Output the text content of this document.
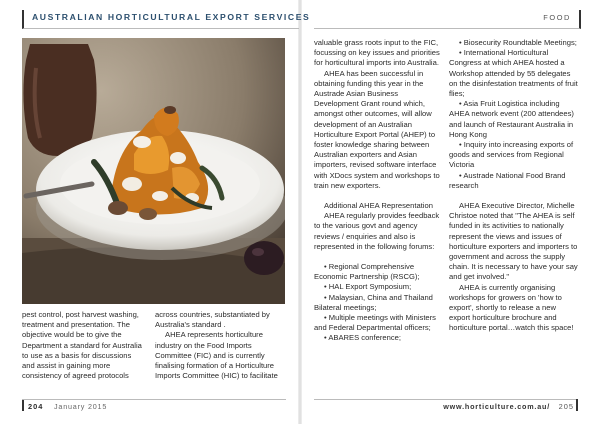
AUSTRALIAN HORTICULTURAL EXPORT SERVICES	FOOD

pest control, post harvest washing,

treatment and presentation. The

objective would be to give the

Department a standard for Australia

to use as a basis for discussions

and assist in gaining more

consistency of agreed protocols

across countries, substantiated by

Australia's standard .

AHEA represents horticulture

industry on the Food Imports

Committee (FIC) and is currently

finalising formation of a Horticulture

Imports Committee (HIC) to facilitate

valuable grass roots input to the FIC, focussing on key issues and priorities for horticultural imports into Australia.

AHEA has been successful in obtaining funding this year in the Austrade Asian Business Development Grant round which, amongst other outcomes, will allow development of an Australian Horticulture Export Portal (AHEP) to foster knowledge sharing between Australian exporters and Asian importers, revised software interface with XDocs system and workshops to train new exporters.

Additional AHEA Representation

AHEA regularly provides feedback to the various govt and agency reviews / enquiries and also is represented in the following forums:

• Regional Comprehensive Economic Partnership (RSCG);

• HAL Export Symposium;

• Malaysian, China and Thailand Bilateral meetings;

• Multiple meetings with Ministers and Federal Departmental officers;

• ABARES conference;

• Biosecurity Roundtable Meetings;

• International Horticultural Congress at which AHEA hosted a Workshop attended by 55 delegates on the disinfestation treatments of fruit flies;

• Asia Fruit Logistica including AHEA network event (200 attendees) and launch of Restaurant Australia in Hong Kong

• Inquiry into increasing exports of goods and services from Regional Victoria

• Austrade National Food Brand research

AHEA Executive Director, Michelle Christoe noted that "The AHEA is self funded in its activities to nationally represent the views and issues of horticulture exporters and importers to government and across the supply chain. It is necessary to have your say and get involved."

AHEA is currently organising workshops for growers on 'how to export', shortly to release a new export horticulture brochure and horticulture portal…watch this space!

204 January 2015	www.horticulture.com.au/ 205
